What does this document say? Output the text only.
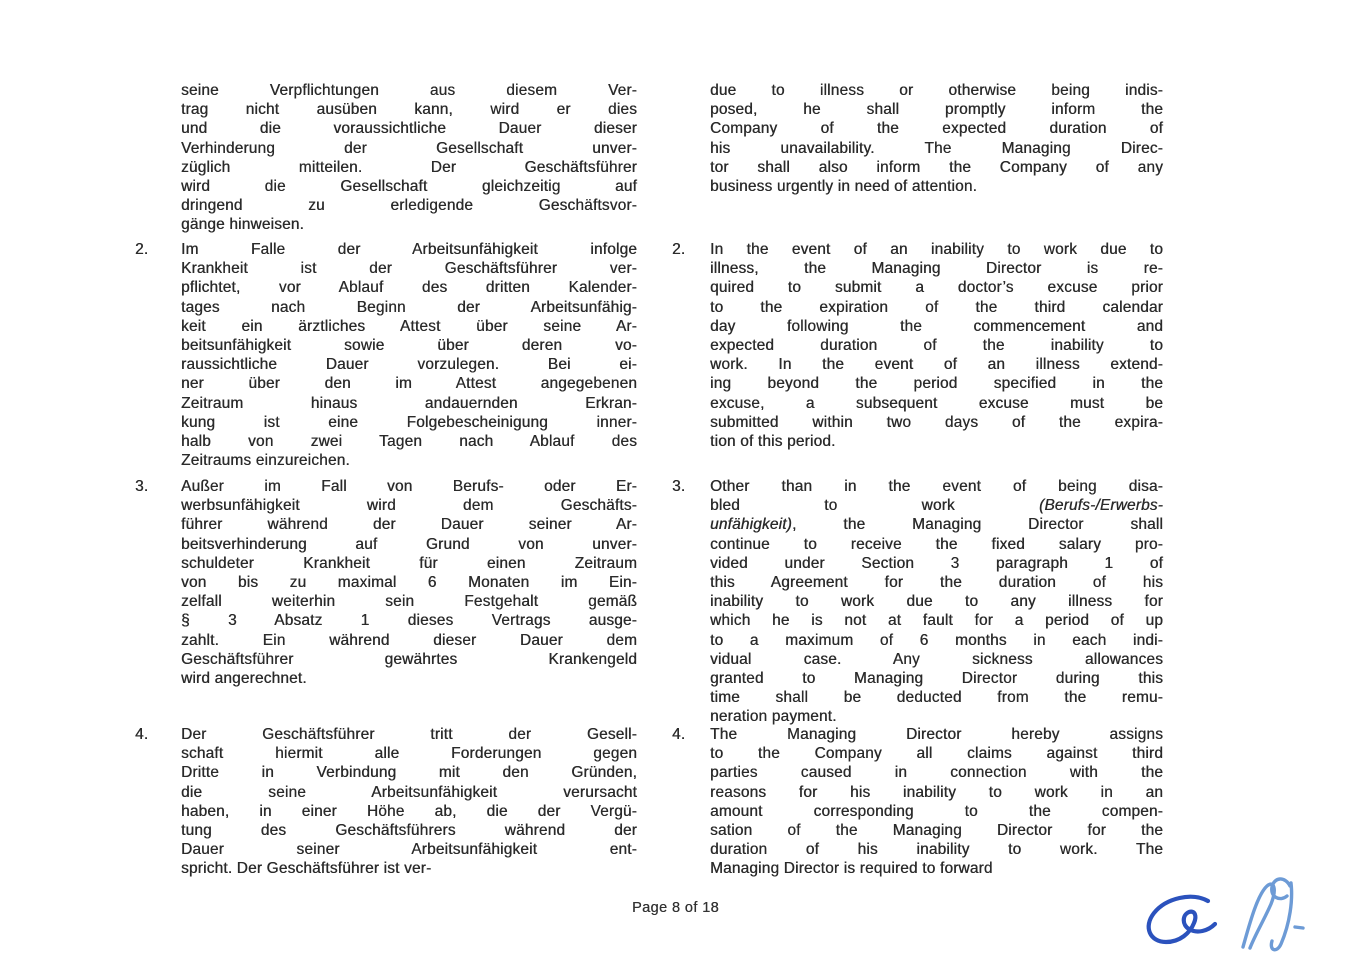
seine Verpflichtungen aus diesem Ver-
trag nicht ausüben kann, wird er dies
und die voraussichtliche Dauer dieser
Verhinderung der Gesellschaft unver-
züglich mitteilen. Der Geschäftsführer
wird die Gesellschaft gleichzeitig auf
dringend zu erledigende Geschäftsvor-
gänge hinweisen.
due to illness or otherwise being indis-
posed, he shall promptly inform the
Company of the expected duration of
his unavailability. The Managing Direc-
tor shall also inform the Company of any
business urgently in need of attention.
2.	Im Falle der Arbeitsunfähigkeit infolge
Krankheit ist der Geschäftsführer ver-
pflichtet, vor Ablauf des dritten Kalender-
tages nach Beginn der Arbeitsunfähig-
keit ein ärztliches Attest über seine Ar-
beitsunfähigkeit sowie über deren vo-
raussichtliche Dauer vorzulegen. Bei ei-
ner über den im Attest angegebenen
Zeitraum hinaus andauernden Erkran-
kung ist eine Folgebescheinigung inner-
halb von zwei Tagen nach Ablauf des
Zeitraums einzureichen.
2.	In the event of an inability to work due to
illness, the Managing Director is re-
quired to submit a doctor’s excuse prior
to the expiration of the third calendar
day following the commencement and
expected duration of the inability to
work. In the event of an illness extend-
ing beyond the period specified in the
excuse, a subsequent excuse must be
submitted within two days of the expira-
tion of this period.
3.	Außer im Fall von Berufs- oder Er-
werbsunfähigkeit wird dem Geschäfts-
führer während der Dauer seiner Ar-
beitsverhinderung auf Grund von unver-
schuldeter Krankheit für einen Zeitraum
von bis zu maximal 6 Monaten im Ein-
zelfall weiterhin sein Festgehalt gemäß
§ 3 Absatz 1 dieses Vertrags ausge-
zahlt. Ein während dieser Dauer dem
Geschäftsführer gewährtes Krankengeld
wird angerechnet.
3.	Other than in the event of being disa-
bled to work (Berufs-/Erwerbs-
unfähigkeit), the Managing Director shall
continue to receive the fixed salary pro-
vided under Section 3 paragraph 1 of
this Agreement for the duration of his
inability to work due to any illness for
which he is not at fault for a period of up
to a maximum of 6 months in each indi-
vidual case. Any sickness allowances
granted to Managing Director during this
time shall be deducted from the remu-
neration payment.
4.	Der Geschäftsführer tritt der Gesell-
schaft hiermit alle Forderungen gegen
Dritte in Verbindung mit den Gründen,
die seine Arbeitsunfähigkeit verursacht
haben, in einer Höhe ab, die der Vergü-
tung des Geschäftsführers während der
Dauer seiner Arbeitsunfähigkeit ent-
spricht. Der Geschäftsführer ist ver-
4.	The Managing Director hereby assigns
to the Company all claims against third
parties caused in connection with the
reasons for his inability to work in an
amount corresponding to the compen-
sation of the Managing Director for the
duration of his inability to work. The
Managing Director is required to forward
Page 8 of 18
